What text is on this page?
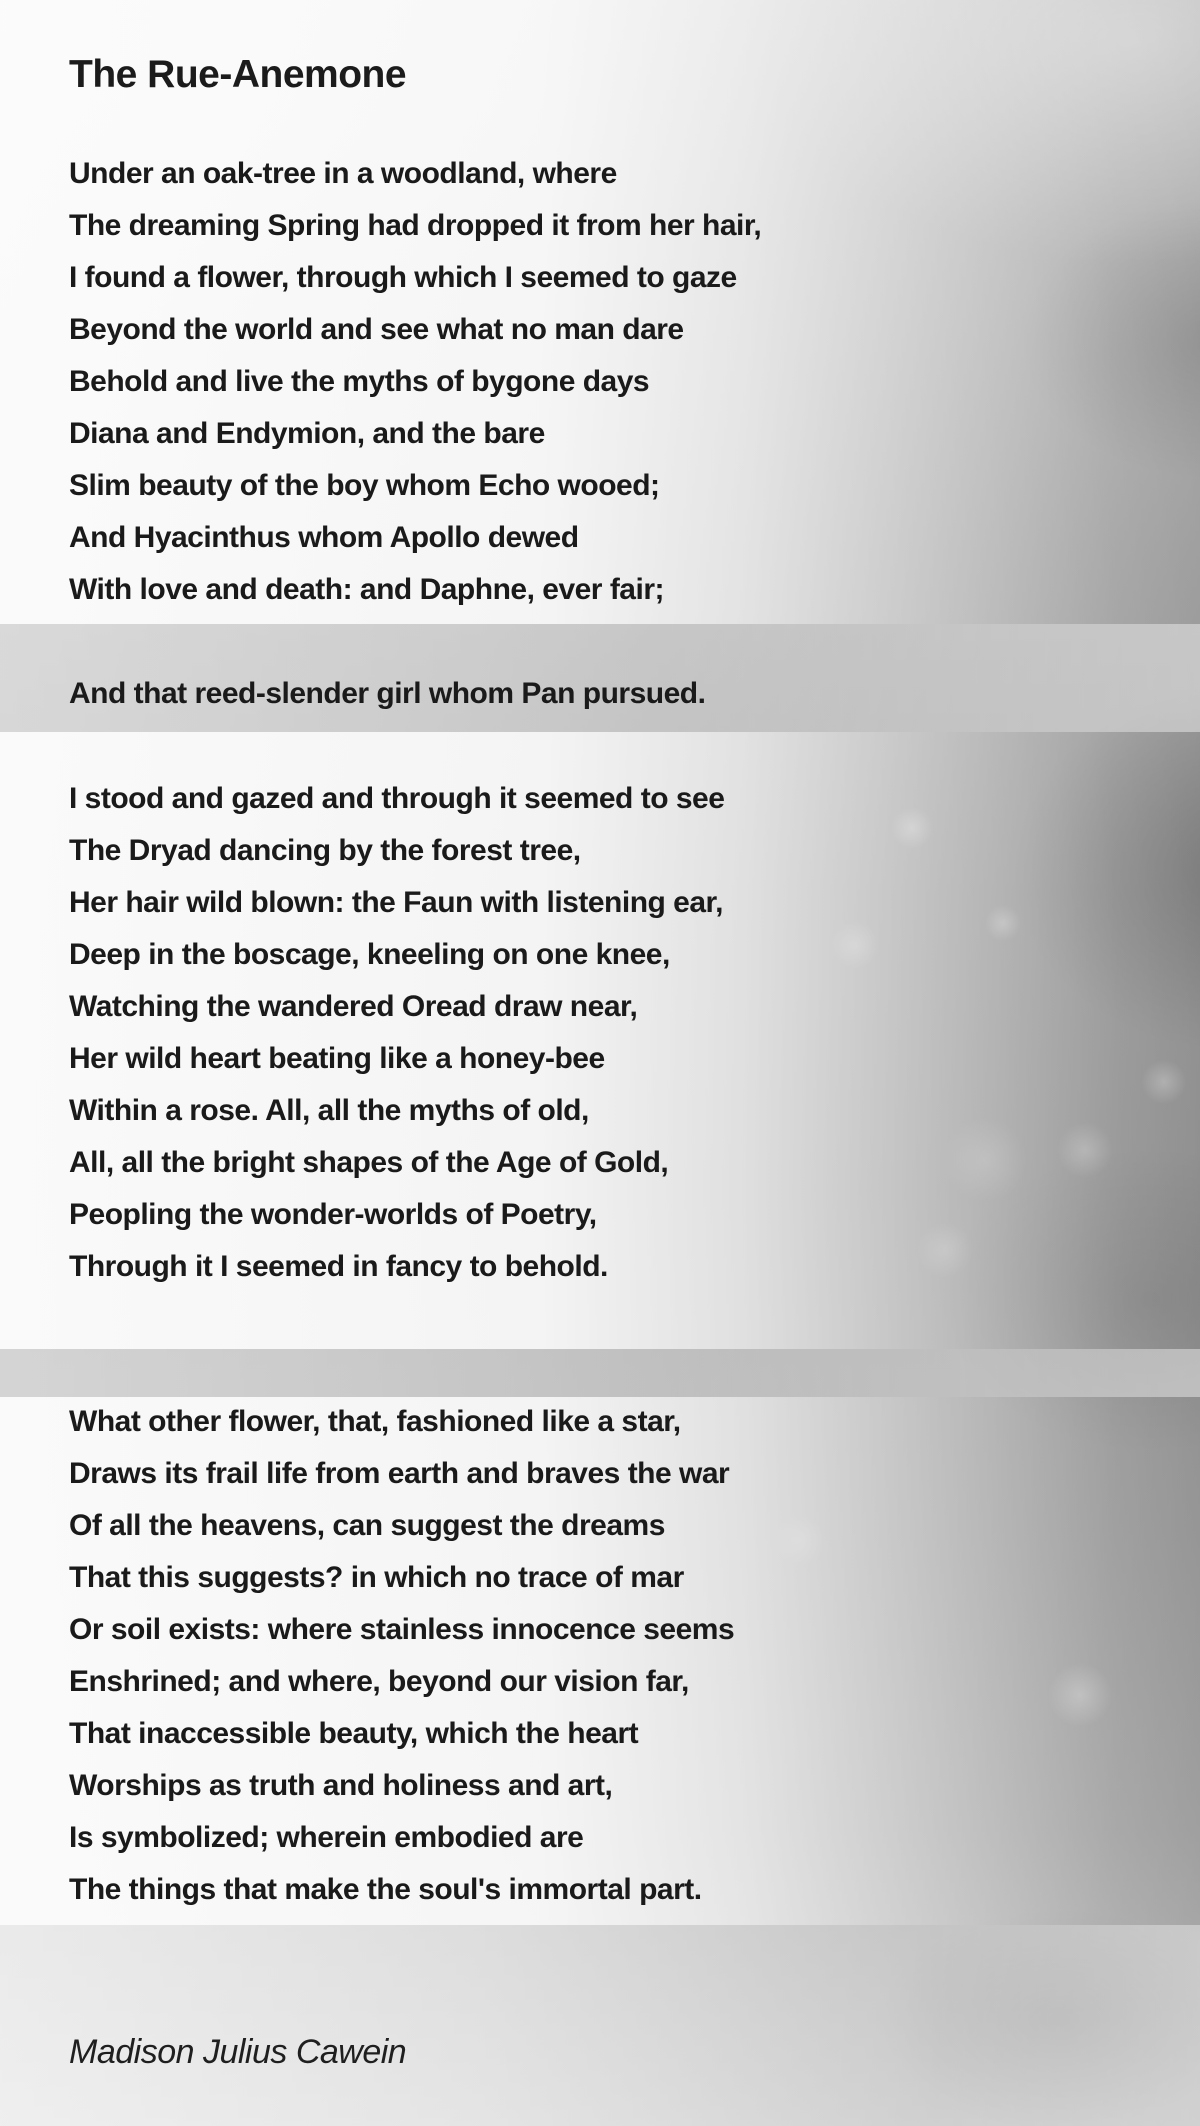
The Rue-Anemone
Under an oak-tree in a woodland, where
The dreaming Spring had dropped it from her hair,
I found a flower, through which I seemed to gaze
Beyond the world and see what no man dare
Behold and live the myths of bygone days
Diana and Endymion, and the bare
Slim beauty of the boy whom Echo wooed;
And Hyacinthus whom Apollo dewed
With love and death: and Daphne, ever fair;
And that reed-slender girl whom Pan pursued.
I stood and gazed and through it seemed to see
The Dryad dancing by the forest tree,
Her hair wild blown: the Faun with listening ear,
Deep in the boscage, kneeling on one knee,
Watching the wandered Oread draw near,
Her wild heart beating like a honey-bee
Within a rose. All, all the myths of old,
All, all the bright shapes of the Age of Gold,
Peopling the wonder-worlds of Poetry,
Through it I seemed in fancy to behold.
What other flower, that, fashioned like a star,
Draws its frail life from earth and braves the war
Of all the heavens, can suggest the dreams
That this suggests? in which no trace of mar
Or soil exists: where stainless innocence seems
Enshrined; and where, beyond our vision far,
That inaccessible beauty, which the heart
Worships as truth and holiness and art,
Is symbolized; wherein embodied are
The things that make the soul's immortal part.
Madison Julius Cawein
